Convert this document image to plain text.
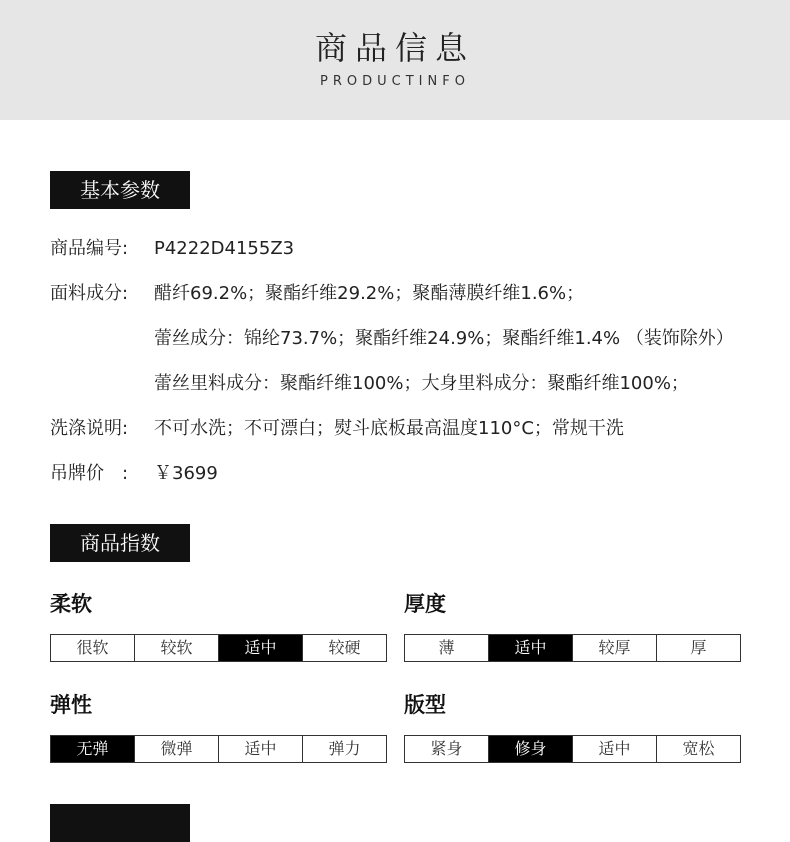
商品信息
PRODUCTINFO
基本参数
商品编号: P4222D4155Z3
面料成分: 醋纤69.2%；聚酯纤维29.2%；聚酯薄膜纤维1.6%；
蕾丝成分：锦纶73.7%；聚酯纤维24.9%；聚酯纤维1.4% （装饰除外）
蕾丝里料成分：聚酯纤维100%；大身里料成分：聚酯纤维100%；
洗涤说明: 不可水洗；不可漂白；熨斗底板最高温度110°C；常规干洗
吊牌价　: ￥3699
商品指数
柔软
很软	较软	适中	较硬
厚度
薄	适中	较厚	厚
弹性
无弹	微弹	适中	弹力
版型
紧身	修身	适中	宽松
